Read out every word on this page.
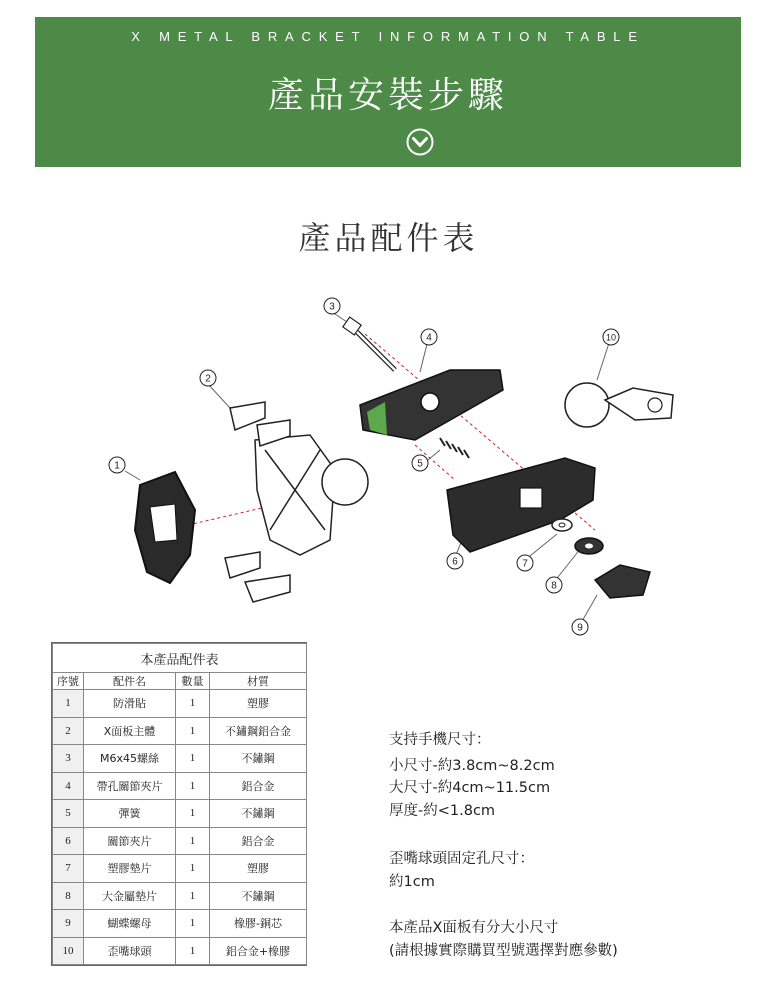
X METAL BRACKET INFORMATION TABLE
產品安裝步驟
產品配件表
2
1
3
4	10
5
6	7
8
9
本產品配件表			
序號	配件名	數量	材質
1	防滑貼	1	塑膠
2	X面板主體	1	不鏽鋼鋁合金
3	M6x45螺絲	1	不鏽鋼
4	帶孔關節夾片	1	鋁合金
5	彈簧	1	不鏽鋼
6	關節夾片	1	鋁合金
7	塑膠墊片	1	塑膠
8	大金屬墊片	1	不鏽鋼
9	蝴蝶螺母	1	橡膠-銅芯
10	歪嘴球頭	1	鋁合金+橡膠
支持手機尺寸：
小尺寸-約3.8cm~8.2cm
大尺寸-約4cm~11.5cm
厚度-約<1.8cm
歪嘴球頭固定孔尺寸：
約1cm
本產品X面板有分大小尺寸
(請根據實際購買型號選擇對應參數)
